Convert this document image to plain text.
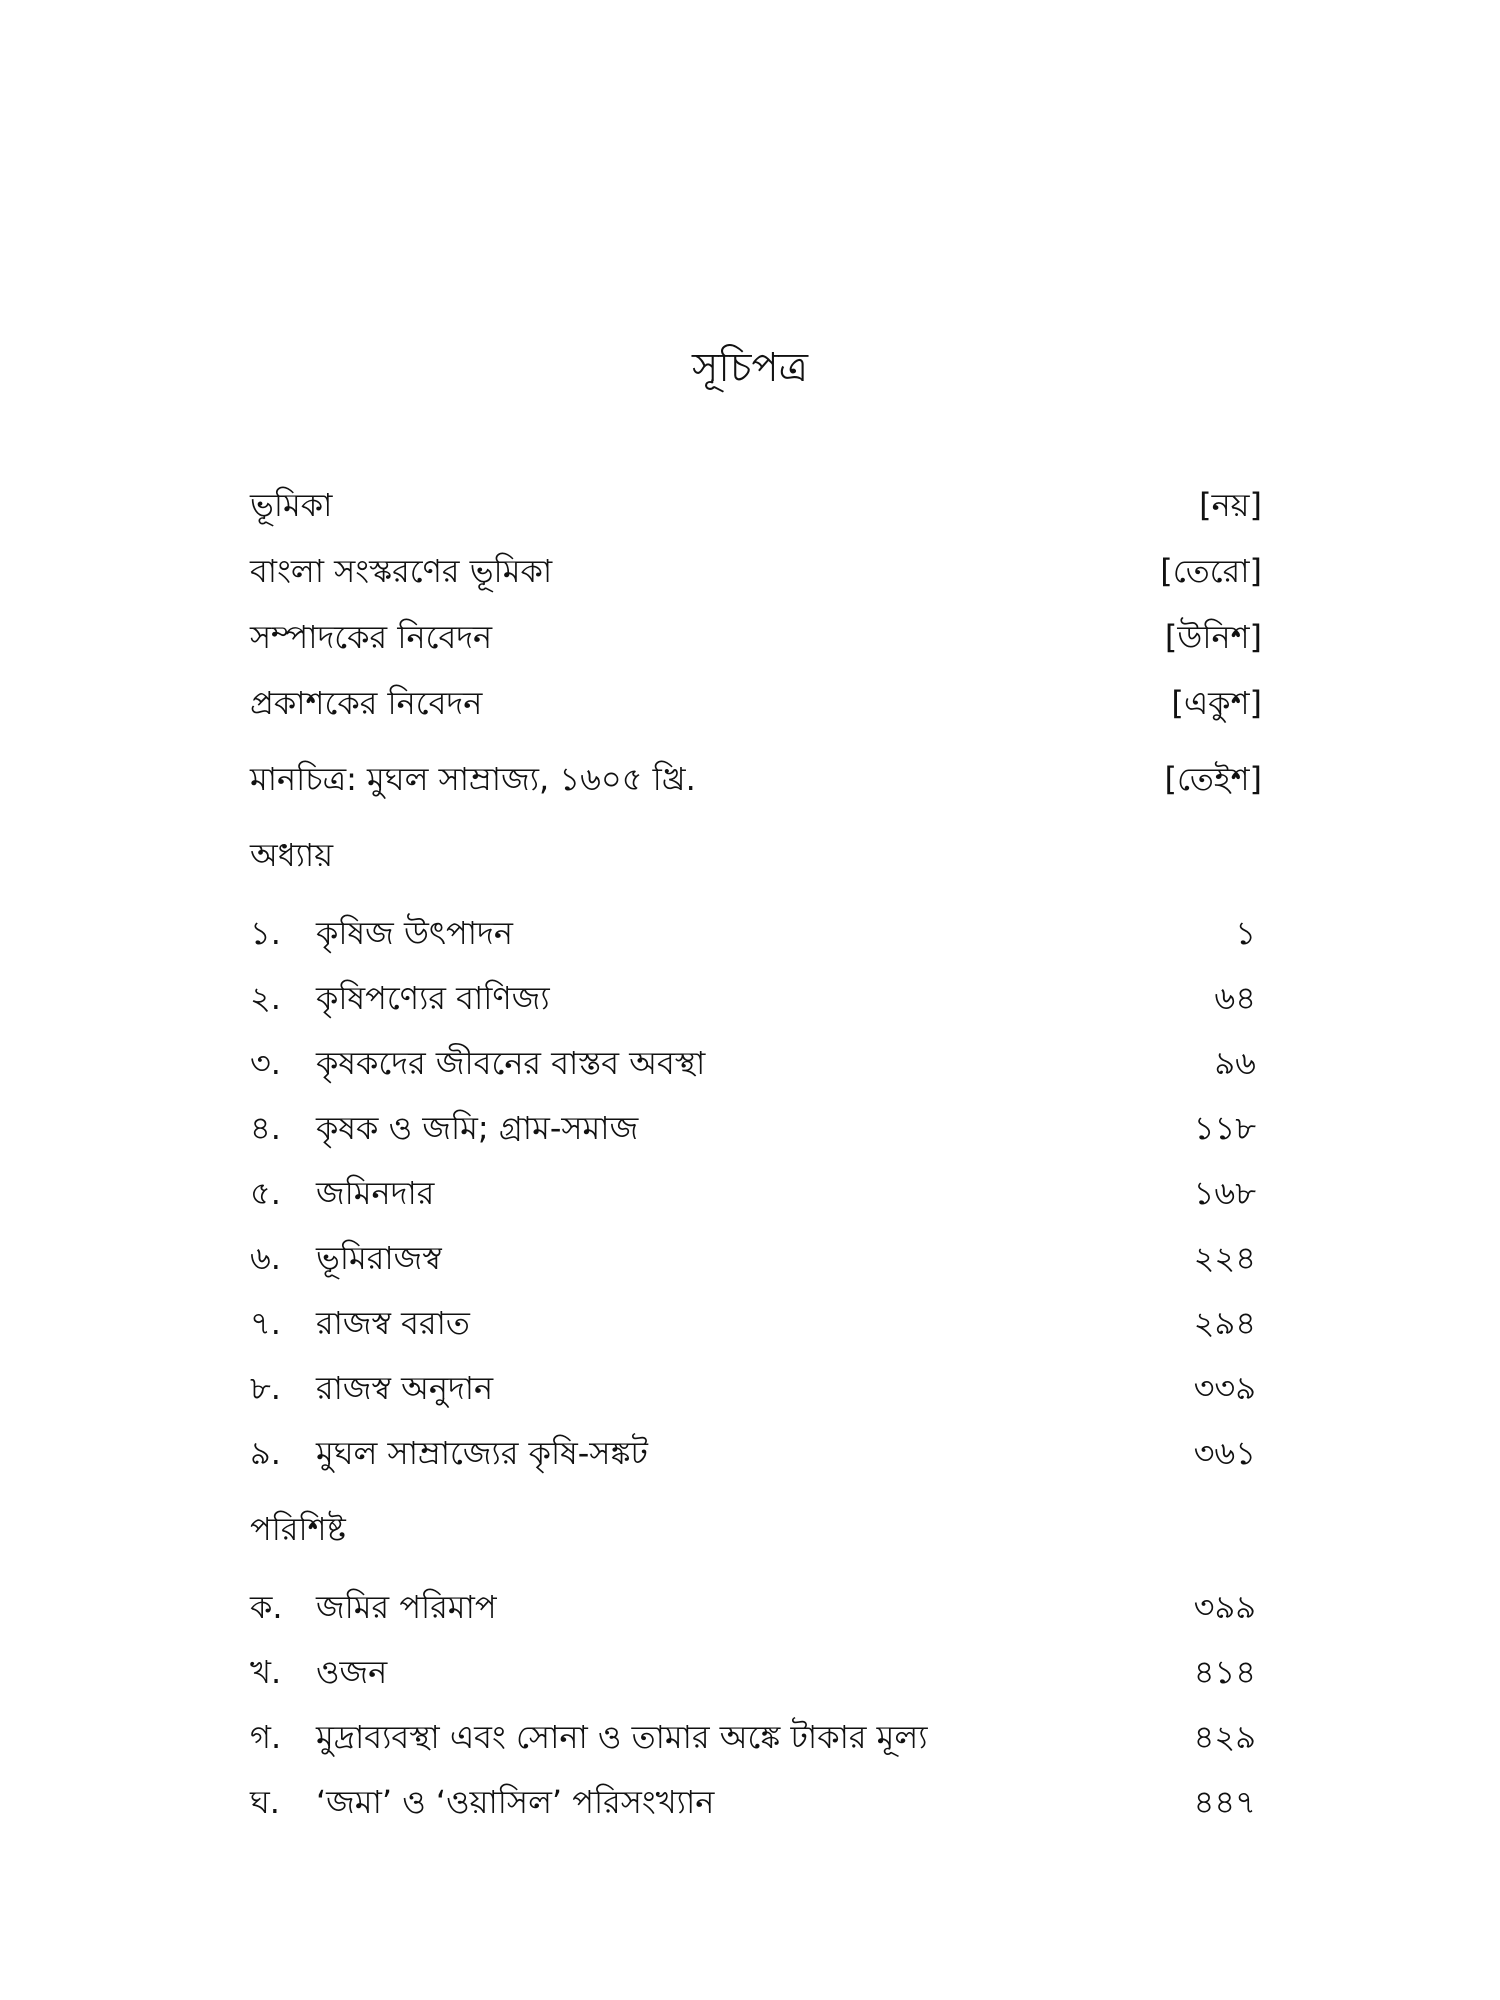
সূচিপত্র
ভূমিকা	[নয়]
বাংলা সংস্করণের ভূমিকা	[তেরো]
সম্পাদকের নিবেদন	[উনিশ]
প্রকাশকের নিবেদন	[একুশ]
মানচিত্র: মুঘল সাম্রাজ্য, ১৬০৫ খ্রি.	[তেইশ]
অধ্যায়
১. কৃষিজ উৎপাদন	১
২. কৃষিপণ্যের বাণিজ্য	৬৪
৩. কৃষকদের জীবনের বাস্তব অবস্থা	৯৬
৪. কৃষক ও জমি; গ্রাম-সমাজ	১১৮
৫. জমিনদার	১৬৮
৬. ভূমিরাজস্ব	২২৪
৭. রাজস্ব বরাত	২৯৪
৮. রাজস্ব অনুদান	৩৩৯
৯. মুঘল সাম্রাজ্যের কৃষি-সঙ্কট	৩৬১
পরিশিষ্ট
ক. জমির পরিমাপ	৩৯৯
খ. ওজন	৪১৪
গ. মুদ্রাব্যবস্থা এবং সোনা ও তামার অঙ্কে টাকার মূল্য	৪২৯
ঘ. ‘জমা’ ও ‘ওয়াসিল’ পরিসংখ্যান	৪৪৭
